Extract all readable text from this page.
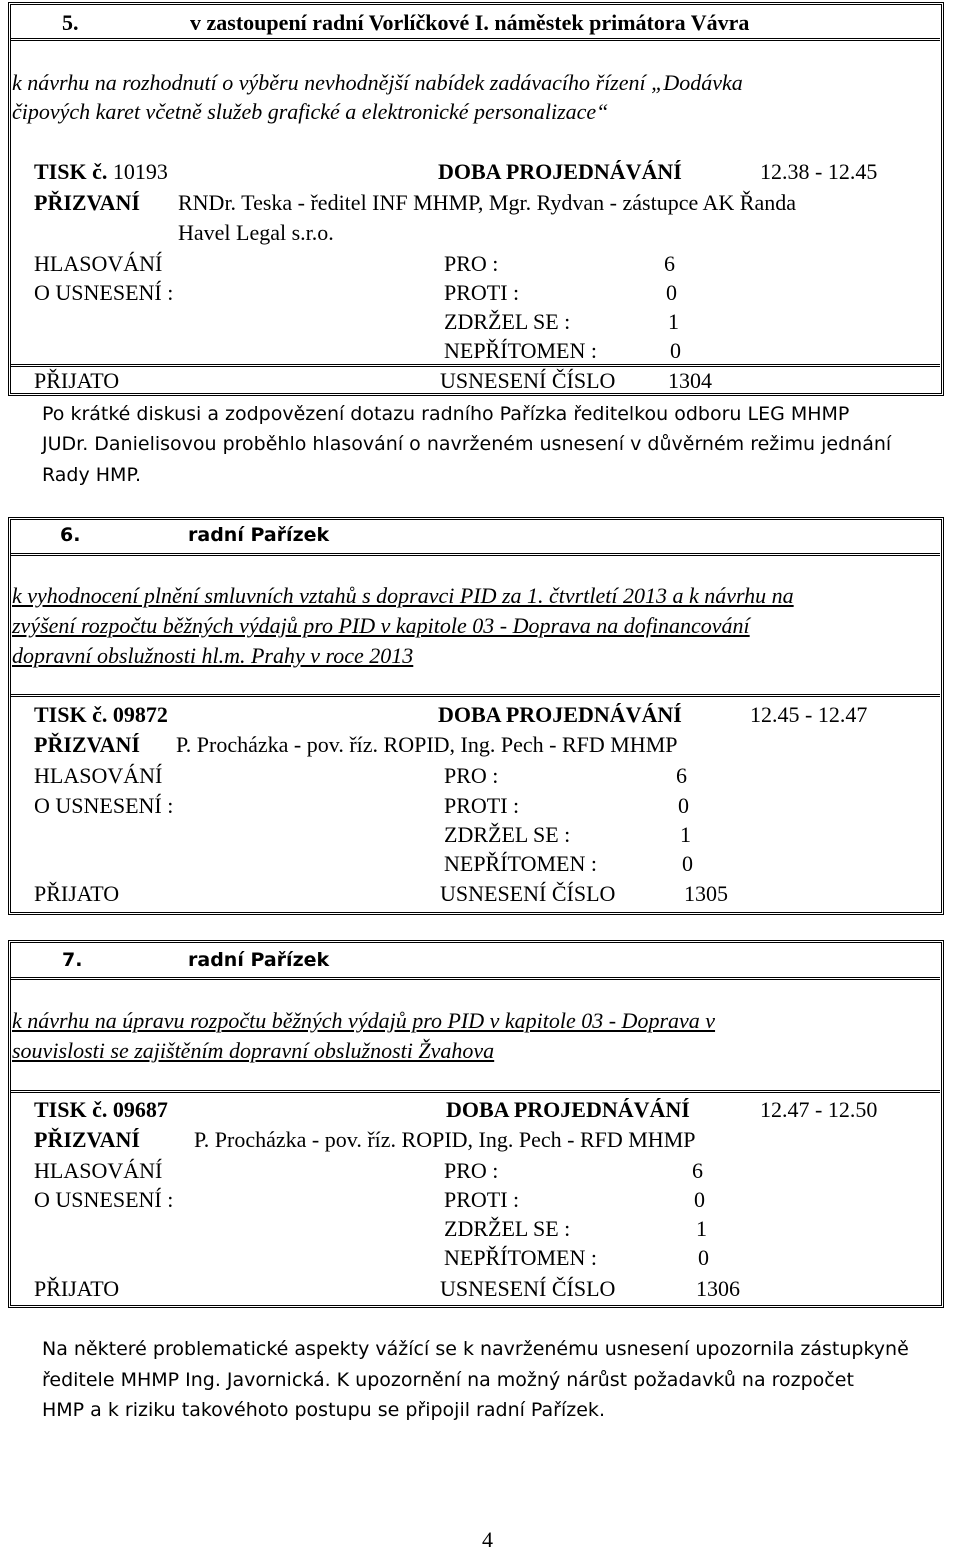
5.	v zastoupení radní Vorlíčkové I. náměstek primátora Vávra
k návrhu na rozhodnutí o výběru nevhodnější nabídek zadávacího řízení „Dodávka
čipových karet včetně služeb grafické a elektronické personalizace“
TISK č. 10193	DOBA PROJEDNÁVÁNÍ	12.38 - 12.45
PŘIZVANÍ RNDr. Teska - ředitel INF MHMP, Mgr. Rydvan - zástupce AK Řanda
Havel Legal s.r.o.
HLASOVÁNÍ
O USNESENÍ :
PRO :	6
PROTI :	0
ZDRŽEL SE :	1
NEPŘÍTOMEN :	0
PŘIJATO	USNESENÍ ČÍSLO 1304
Po krátké diskusi a zodpovězení dotazu radního Pařízka ředitelkou odboru LEG MHMP
JUDr. Danielisovou proběhlo hlasování o navrženém usnesení v důvěrném režimu jednání
Rady HMP.
6.	radní Pařízek
k vyhodnocení plnění smluvních vztahů s dopravci PID za 1. čtvrtletí 2013 a k návrhu na
zvýšení rozpočtu běžných výdajů pro PID v kapitole 03 - Doprava na dofinancování
dopravní obslužnosti hl.m. Prahy v roce 2013
TISK č. 09872	DOBA PROJEDNÁVÁNÍ	12.45 - 12.47
PŘIZVANÍ P. Procházka - pov. říz. ROPID, Ing. Pech - RFD MHMP
HLASOVÁNÍ
O USNESENÍ :
PRO :	6
PROTI :	0
ZDRŽEL SE :	1
NEPŘÍTOMEN :	0
PŘIJATO	USNESENÍ ČÍSLO	1305
7.	radní Pařízek
k návrhu na úpravu rozpočtu běžných výdajů pro PID v kapitole 03 - Doprava v
souvislosti se zajištěním dopravní obslužnosti Žvahova
TISK č. 09687	DOBA PROJEDNÁVÁNÍ	12.47 - 12.50
PŘIZVANÍ P. Procházka - pov. říz. ROPID, Ing. Pech - RFD MHMP
HLASOVÁNÍ
O USNESENÍ :
PRO :	6
PROTI :	0
ZDRŽEL SE :	1
NEPŘÍTOMEN :	0
PŘIJATO	USNESENÍ ČÍSLO	1306
Na některé problematické aspekty vážící se k navrženému usnesení upozornila zástupkyně
ředitele MHMP Ing. Javornická. K upozornění na možný nárůst požadavků na rozpočet
HMP a k riziku takovéhoto postupu se připojil radní Pařízek.
4
